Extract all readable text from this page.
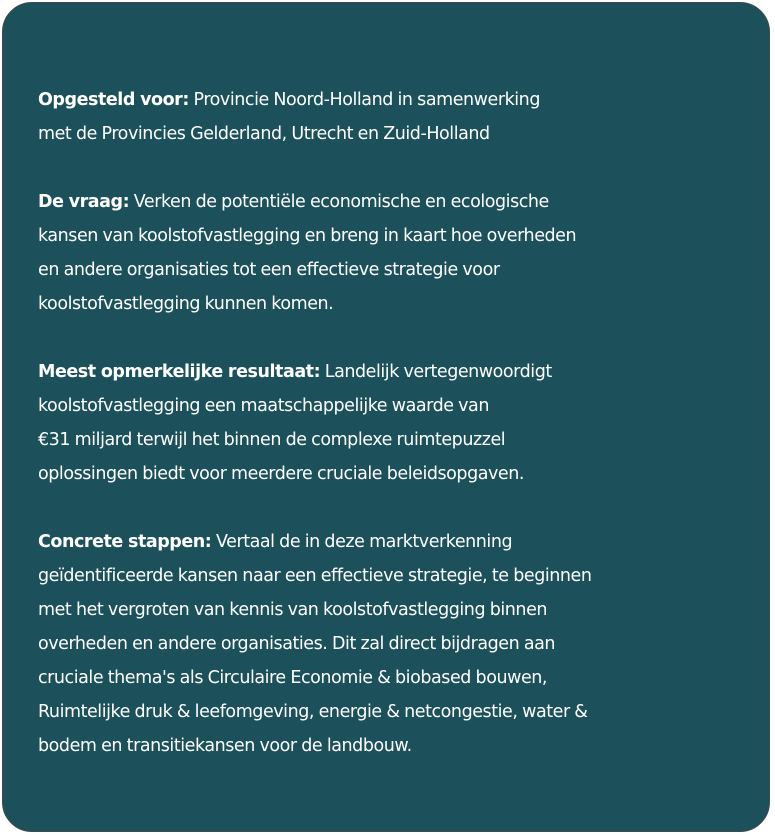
Opgesteld voor: Provincie Noord-Holland in samenwerking
met de Provincies Gelderland, Utrecht en Zuid-Holland

De vraag: Verken de potentiële economische en ecologische
kansen van koolstofvastlegging en breng in kaart hoe overheden
en andere organisaties tot een effectieve strategie voor
koolstofvastlegging kunnen komen.

Meest opmerkelijke resultaat: Landelijk vertegenwoordigt
koolstofvastlegging een maatschappelijke waarde van
€31 miljard terwijl het binnen de complexe ruimtepuzzel
oplossingen biedt voor meerdere cruciale beleidsopgaven.

Concrete stappen: Vertaal de in deze marktverkenning
geïdentificeerde kansen naar een effectieve strategie, te beginnen
met het vergroten van kennis van koolstofvastlegging binnen
overheden en andere organisaties. Dit zal direct bijdragen aan
cruciale thema's als Circulaire Economie & biobased bouwen,
Ruimtelijke druk & leefomgeving, energie & netcongestie, water &
bodem en transitiekansen voor de landbouw.
